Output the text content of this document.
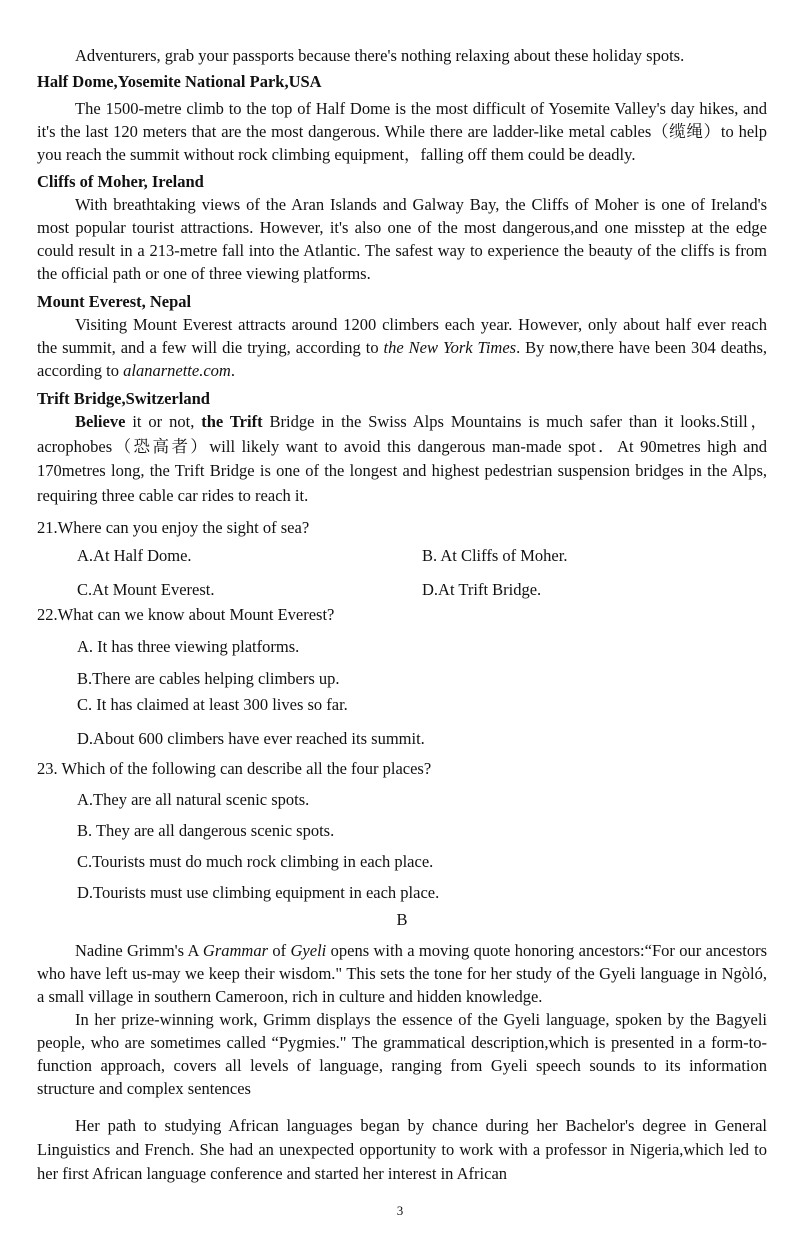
Adventurers, grab your passports because there's nothing relaxing about these holiday spots.

Half Dome,Yosemite National Park,USA

The 1500-metre climb to the top of Half Dome is the most difficult of Yosemite Valley's day hikes, and it's the last 120 meters that are the most dangerous. While there are ladder-like metal cables（缆绳）to help you reach the summit without rock climbing equipment，falling off them could be deadly.

Cliffs of Moher, Ireland

With breathtaking views of the Aran Islands and Galway Bay, the Cliffs of Moher is one of Ireland's most popular tourist attractions. However, it's also one of the most dangerous,and one misstep at the edge could result in a 213-metre fall into the Atlantic. The safest way to experience the beauty of the cliffs is from the official path or one of three viewing platforms.

Mount Everest, Nepal

Visiting Mount Everest attracts around 1200 climbers each year. However, only about half ever reach the summit, and a few will die trying, according to the New York Times. By now,there have been 304 deaths, according to alanarnette.com.

Trift Bridge,Switzerland

Believe it or not, the Trift Bridge in the Swiss Alps Mountains is much safer than it looks.Still，acrophobes（恐高者）will likely want to avoid this dangerous man-made spot．At 90metres high and 170metres long, the Trift Bridge is one of the longest and highest pedestrian suspension bridges in the Alps, requiring three cable car rides to reach it.

21.Where can you enjoy the sight of sea?

A.At Half Dome.	B. At Cliffs of Moher.
C.At Mount Everest.	D.At Trift Bridge.

22.What can we know about Mount Everest?

A. It has three viewing platforms.

B.There are cables helping climbers up.

C. It has claimed at least 300 lives so far.

D.About 600 climbers have ever reached its summit.

23. Which of the following can describe all the four places?

A.They are all natural scenic spots.

B. They are all dangerous scenic spots.

C.Tourists must do much rock climbing in each place.

D.Tourists must use climbing equipment in each place.

B

Nadine Grimm's A Grammar of Gyeli opens with a moving quote honoring ancestors:“For our ancestors who have left us-may we keep their wisdom." This sets the tone for her study of the Gyeli language in Ngòló, a small village in southern Cameroon, rich in culture and hidden knowledge.

In her prize-winning work, Grimm displays the essence of the Gyeli language, spoken by the Bagyeli people, who are sometimes called “Pygmies." The grammatical description,which is presented in a form-to-function approach, covers all levels of language, ranging from Gyeli speech sounds to its information structure and complex sentences

Her path to studying African languages began by chance during her Bachelor's degree in General Linguistics and French. She had an unexpected opportunity to work with a professor in Nigeria,which led to her first African language conference and started her interest in African

3
